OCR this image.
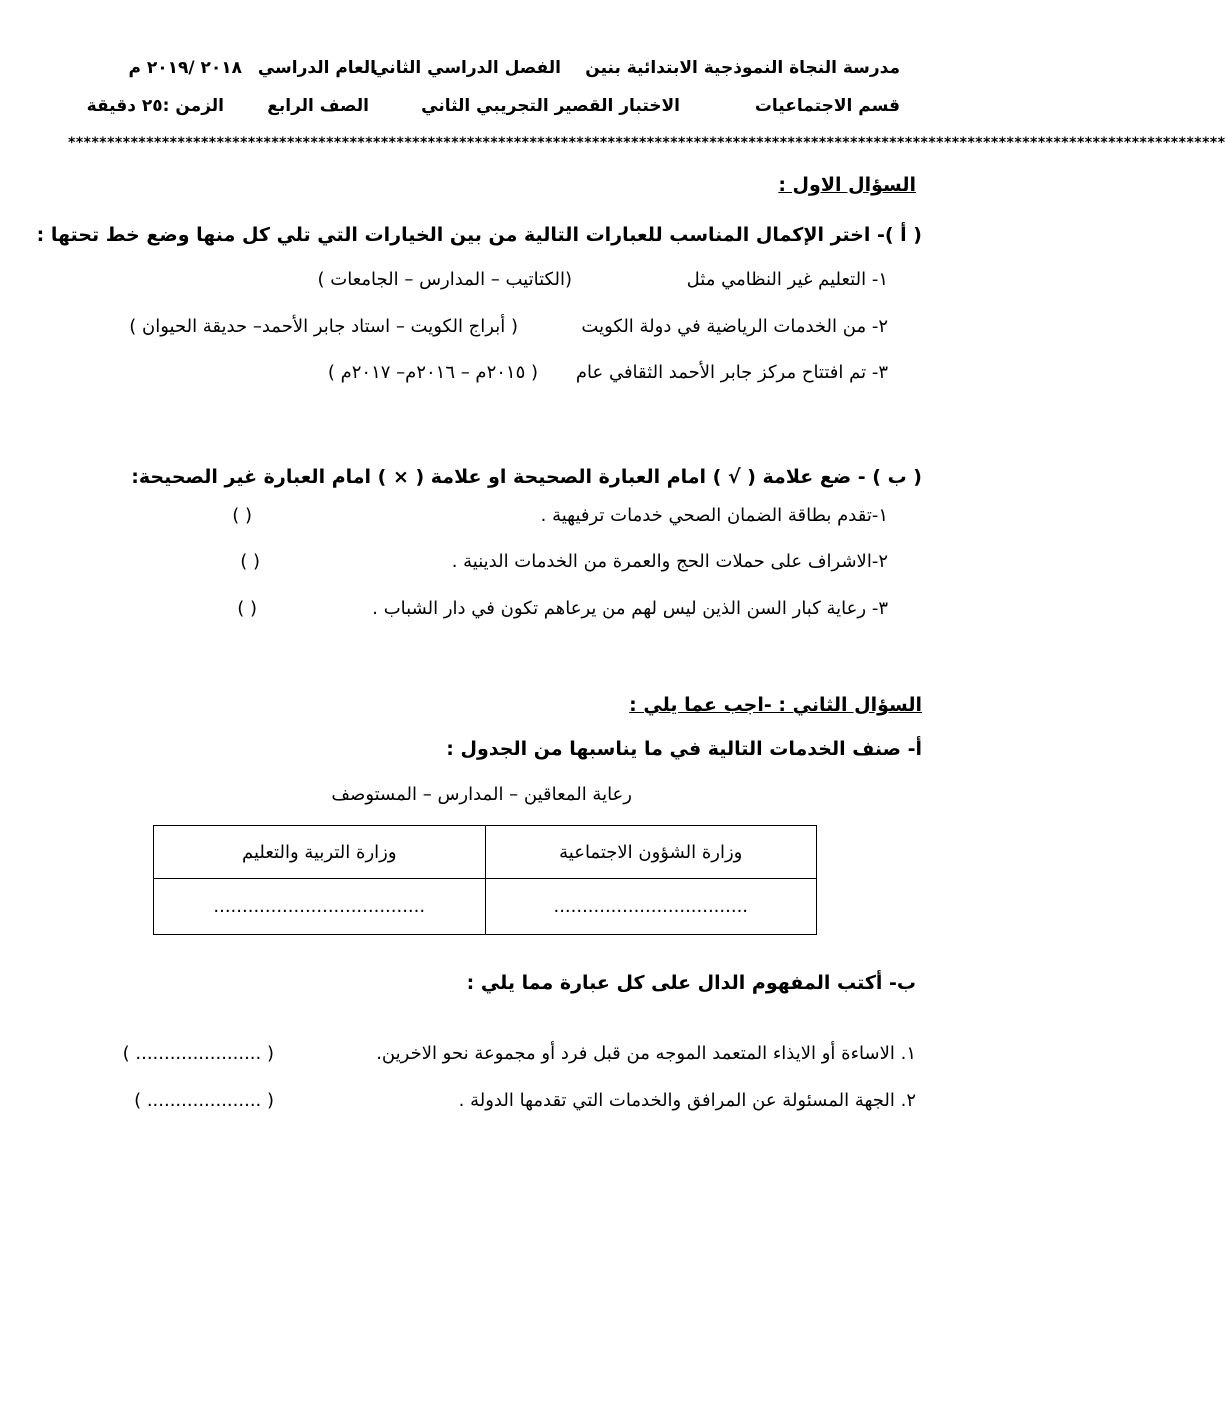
مدرسة النجاة النموذجية الابتدائية بنين
الفصل الدراسي الثاني
العام الدراسي
٢٠١٨ /٢٠١٩ م
قسم الاجتماعيات
الاختبار القصير التجريبي الثاني
الصف الرابع
الزمن :٢٥ دقيقة
****************************************************************************************************************************************************
السؤال الاول :
( أ )- اختر الإكمال المناسب للعبارات التالية من بين الخيارات التي تلي كل منها وضع خط تحتها :
١- التعليم غير النظامي مثل
(الكتاتيب – المدارس – الجامعات )
٢- من الخدمات الرياضية في دولة الكويت
( أبراج الكويت – استاد جابر الأحمد– حديقة الحيوان )
٣- تم افتتاح مركز جابر الأحمد الثقافي عام
( ٢٠١٥م – ٢٠١٦م– ٢٠١٧م )
( ب ) - ضع علامة ( √ ) امام العبارة الصحيحة او علامة ( × ) امام العبارة غير الصحيحة:
١-تقدم بطاقة الضمان الصحي خدمات ترفيهية .
( )
٢-الاشراف على حملات الحج والعمرة من الخدمات الدينية .
( )
٣- رعاية كبار السن الذين ليس لهم من يرعاهم تكون في دار الشباب .
( )
السؤال الثاني : -اجب عما يلي :
أ- صنف الخدمات التالية في ما يناسبها من الجدول :
رعاية المعاقين – المدارس – المستوصف
وزارة الشؤون الاجتماعية	وزارة التربية والتعليم
..................................	.....................................
ب- أكتب المفهوم الدال على كل عبارة مما يلي :
١. الاساءة أو الايذاء المتعمد الموجه من قبل فرد أو مجموعة نحو الاخرين.
( ...................... )
٢. الجهة المسئولة عن المرافق والخدمات التي تقدمها الدولة .
( .................... )
